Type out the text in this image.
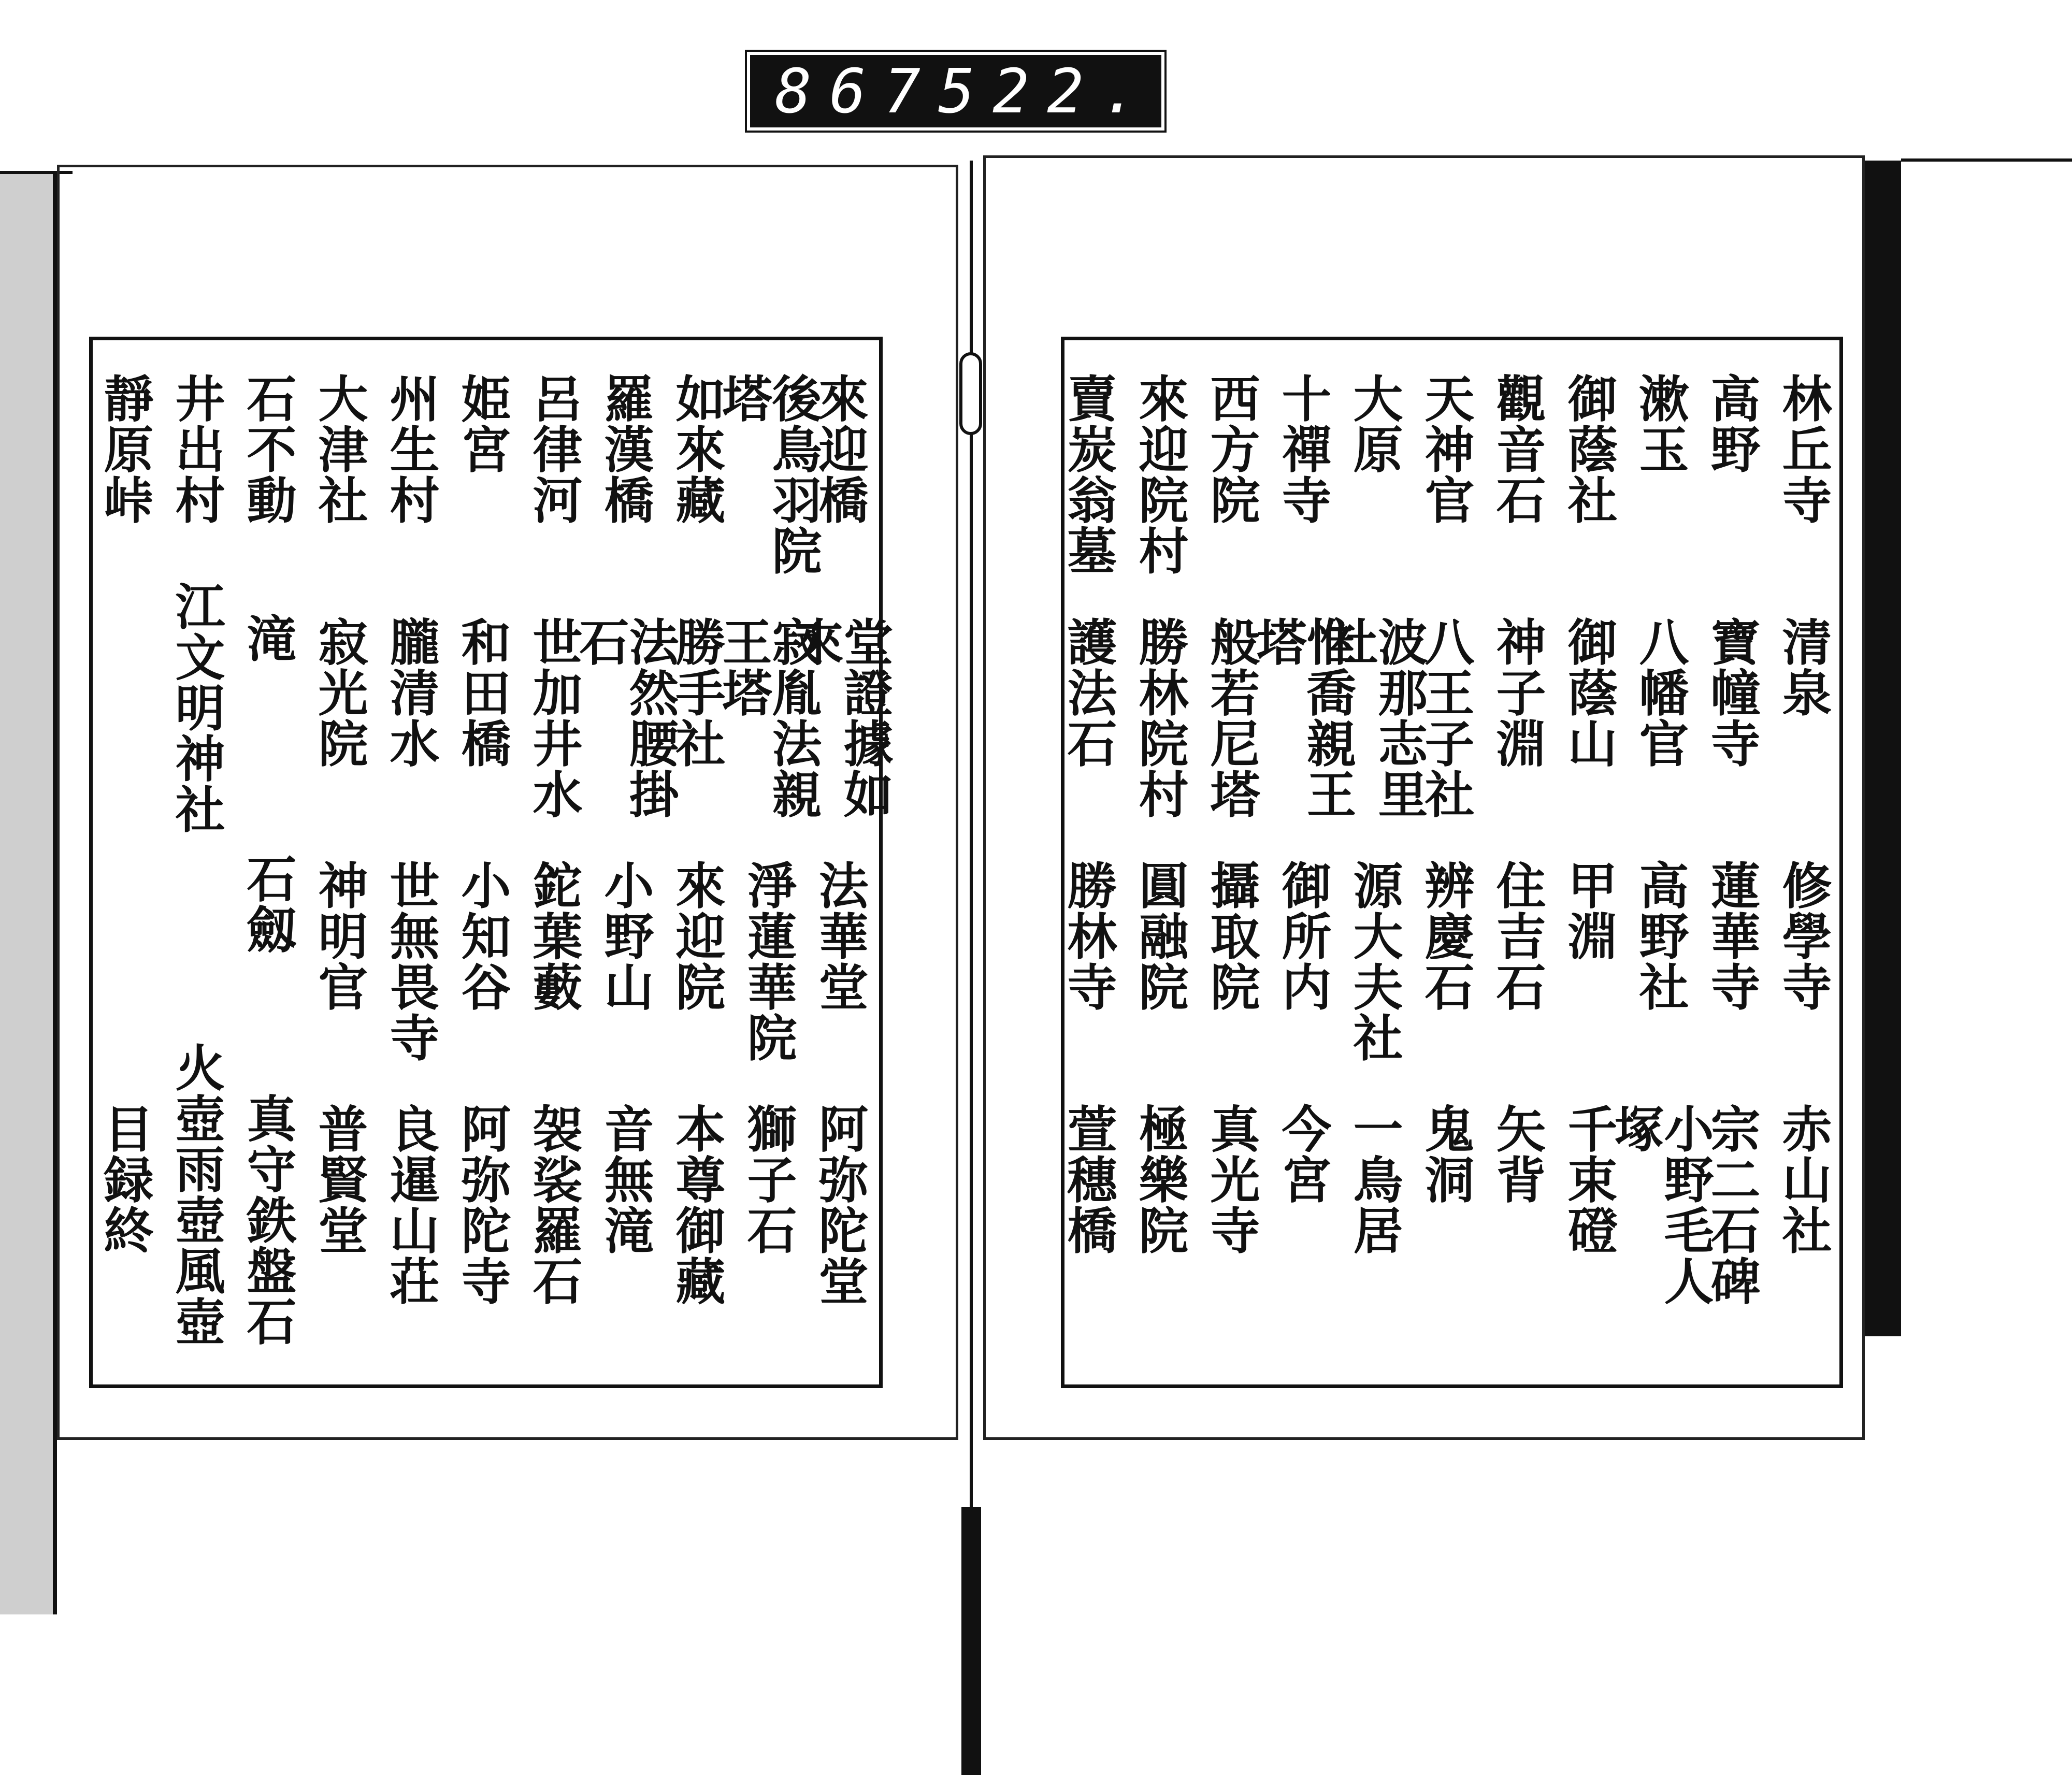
867 522.
林丘寺
清泉
修學寺
赤山社
高野
寶幢寺
蓮華寺
宗二石碑
漱玉
八幡官
高野社
小野毛人塚
御蔭社
御蔭山
甲淵
千束磴
觀音石
神子淵
住吉石
矢背
天神官
八王子社
辨慶石
鬼洞
大原
波那志里社
源大夫社
一鳥居
十禪寺
惟喬親王塔
御所内
今宮
西方院
般若尼塔
攝取院
真光寺
來迎院村
勝林院村
圓融院
極樂院
賣炭翁墓
護法石
勝林寺
萱穗橋
來迎橋
堂證據如來
法華堂
阿弥陀堂
後鳥羽院塔
寂胤法親王塔
淨蓮華院
獅子石
如來藏
勝手社
來迎院
本尊御藏
羅漢橋
法然腰掛石
小野山
音無滝
呂律河
世加井水
鉈葉藪
袈裟羅石
姫宮
和田橋
小知谷
阿弥陀寺
州生村
朧清水
世無畏寺
良暹山荘
大津社
寂光院
神明官
普賢堂
石不動
滝
石劔
真守鉄盤石
井出村
江文明神社
火壺雨壺風壺
靜原峠
目録終
